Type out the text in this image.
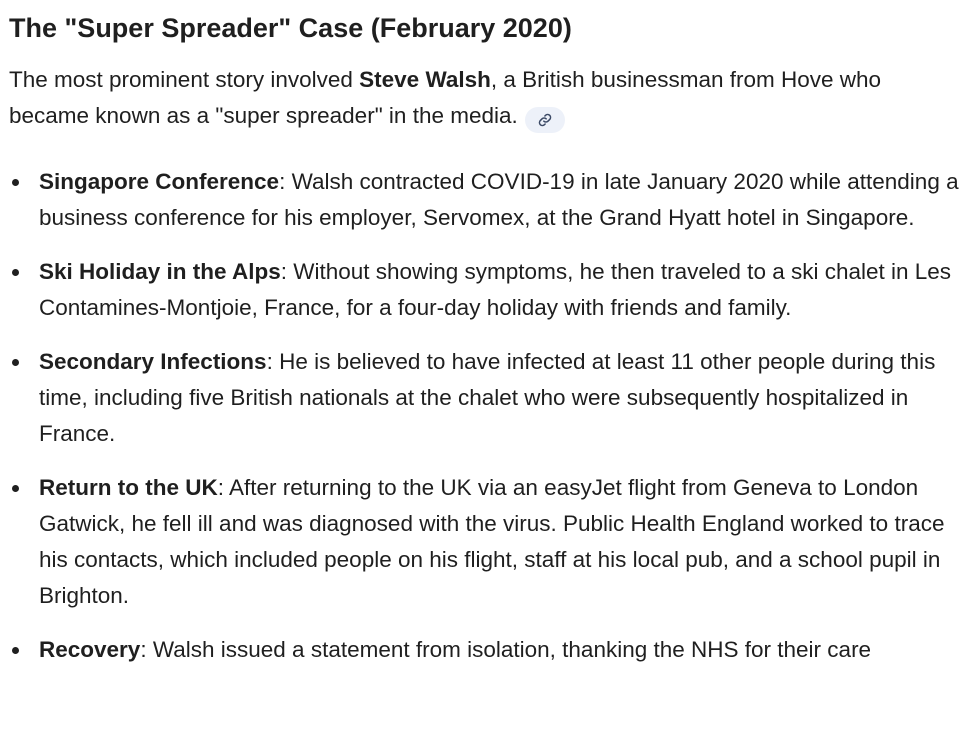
The "Super Spreader" Case (February 2020)

The most prominent story involved Steve Walsh, a British businessman from Hove who became known as a "super spreader" in the media.

Singapore Conference: Walsh contracted COVID-19 in late January 2020 while attending a business conference for his employer, Servomex, at the Grand Hyatt hotel in Singapore.
Ski Holiday in the Alps: Without showing symptoms, he then traveled to a ski chalet in Les Contamines-Montjoie, France, for a four-day holiday with friends and family.
Secondary Infections: He is believed to have infected at least 11 other people during this time, including five British nationals at the chalet who were subsequently hospitalized in France.
Return to the UK: After returning to the UK via an easyJet flight from Geneva to London Gatwick, he fell ill and was diagnosed with the virus. Public Health England worked to trace his contacts, which included people on his flight, staff at his local pub, and a school pupil in Brighton.
Recovery: Walsh issued a statement from isolation, thanking the NHS for their care
